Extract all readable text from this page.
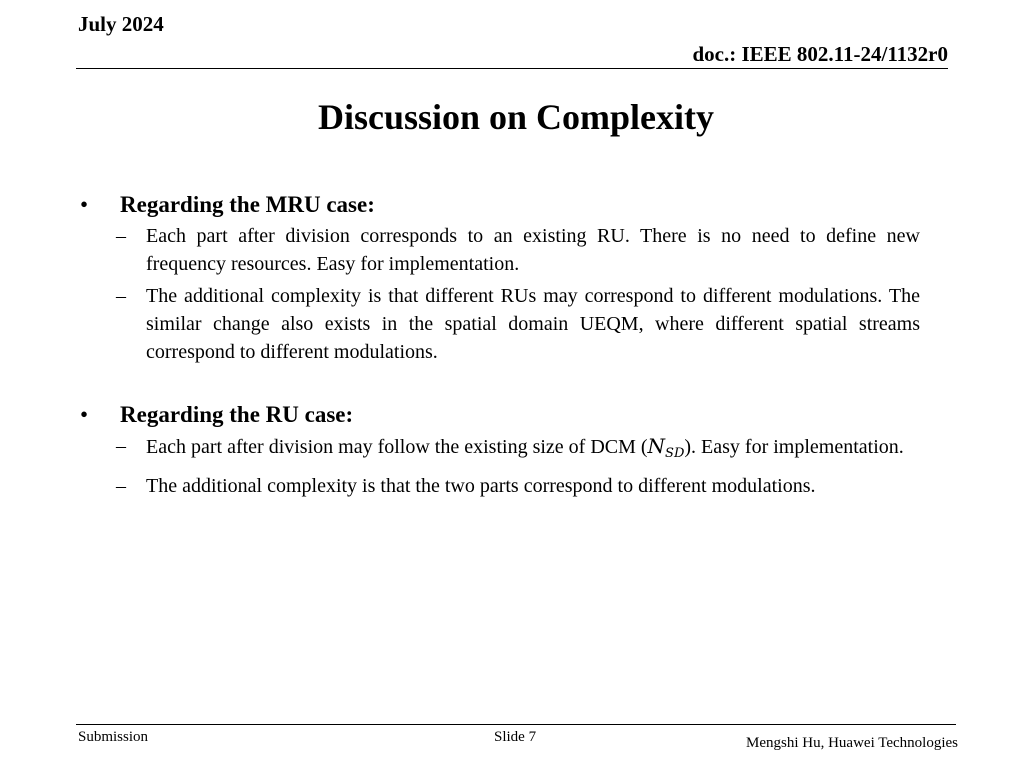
July 2024
doc.: IEEE 802.11-24/1132r0
Discussion on Complexity
•	Regarding the MRU case:
–	Each part after division corresponds to an existing RU. There is no need to define new frequency resources. Easy for implementation.
–	The additional complexity is that different RUs may correspond to different modulations. The similar change also exists in the spatial domain UEQM, where different spatial streams correspond to different modulations.
•	Regarding the RU case:
–	Each part after division may follow the existing size of DCM $(N_{SD})$. Easy for implementation.
–	The additional complexity is that the two parts correspond to different modulations.
Submission	Slide 7	Mengshi Hu, Huawei Technologies
